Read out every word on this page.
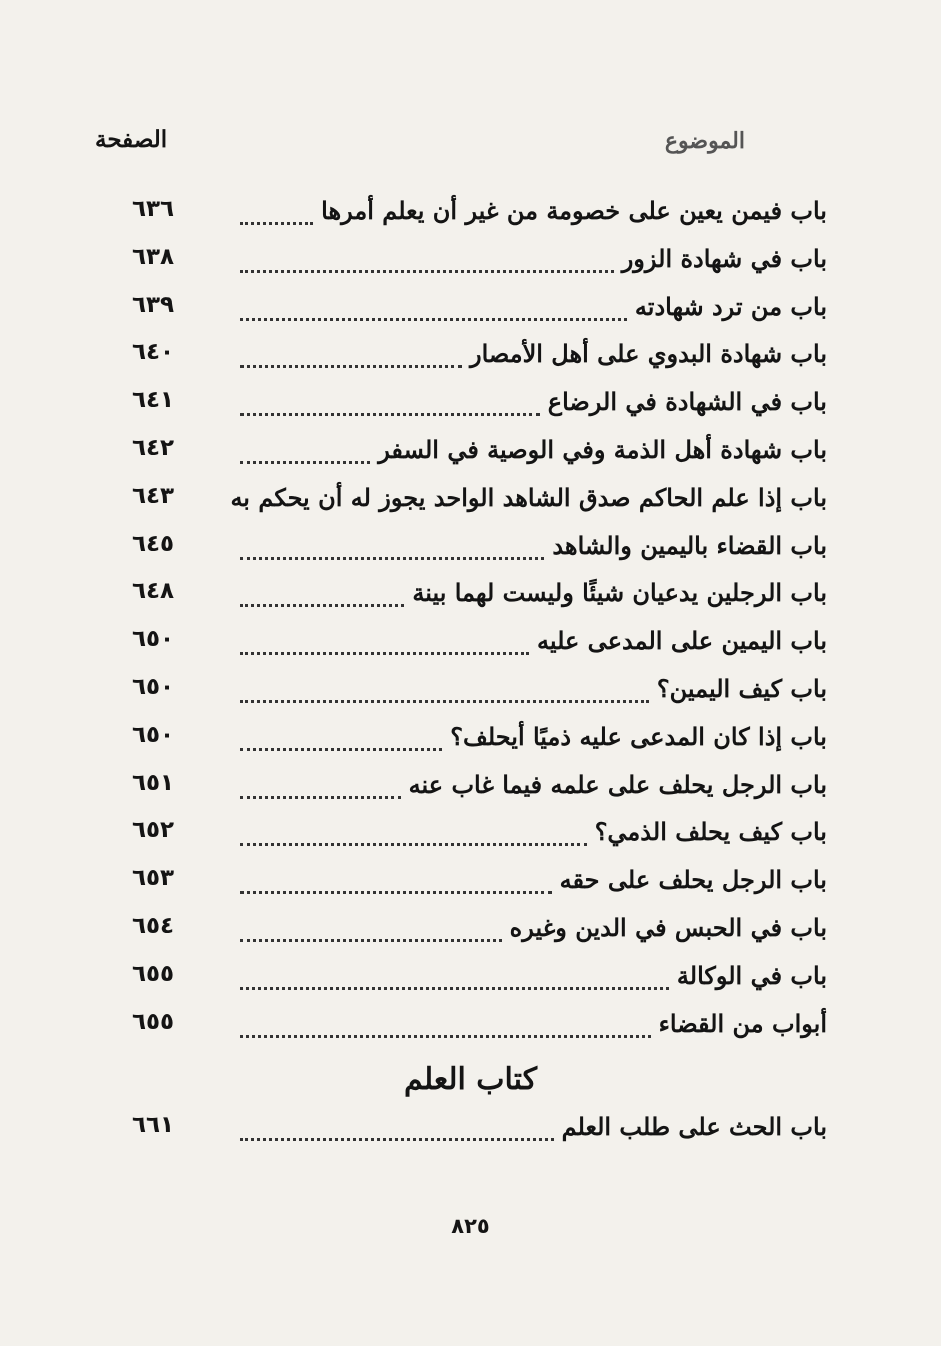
الموضوع
الصفحة
باب فيمن يعين على خصومة من غير أن يعلم أمرها
٦٣٦
باب في شهادة الزور
٦٣٨
باب من ترد شهادته
٦٣٩
باب شهادة البدوي على أهل الأمصار
٦٤٠
باب في الشهادة في الرضاع
٦٤١
باب شهادة أهل الذمة وفي الوصية في السفر
٦٤٢
باب إذا علم الحاكم صدق الشاهد الواحد يجوز له أن يحكم به
٦٤٣
باب القضاء باليمين والشاهد
٦٤٥
باب الرجلين يدعيان شيئًا وليست لهما بينة
٦٤٨
باب اليمين على المدعى عليه
٦٥٠
باب كيف اليمين؟
٦٥٠
باب إذا كان المدعى عليه ذميًا أيحلف؟
٦٥٠
باب الرجل يحلف على علمه فيما غاب عنه
٦٥١
باب كيف يحلف الذمي؟
٦٥٢
باب الرجل يحلف على حقه
٦٥٣
باب في الحبس في الدين وغيره
٦٥٤
باب في الوكالة
٦٥٥
أبواب من القضاء
٦٥٥
كتاب العلم
باب الحث على طلب العلم
٦٦١
٨٢٥
